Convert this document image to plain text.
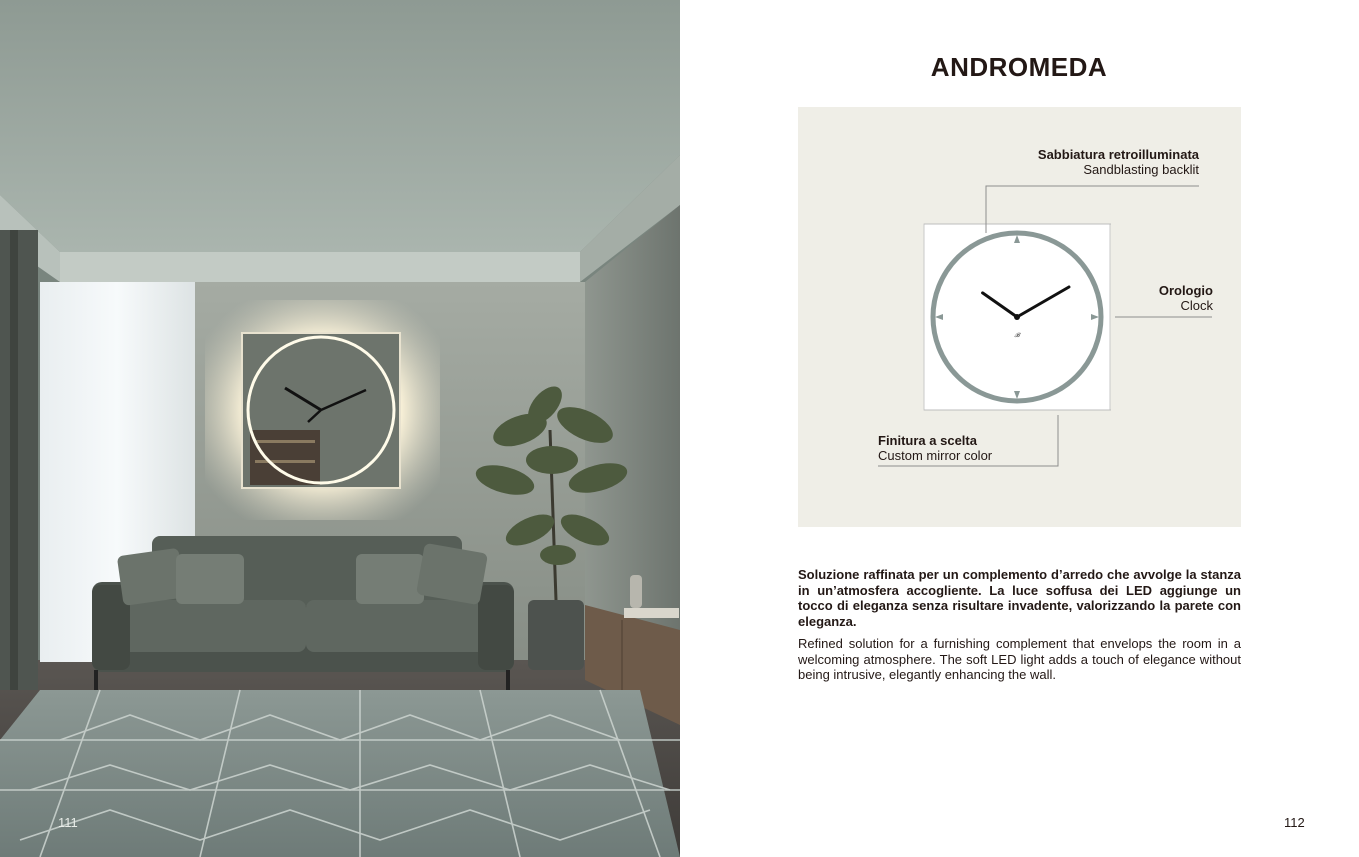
111
ANDROMEDA
𝓑
Sabbiatura retroilluminata
Sandblasting backlit
Orologio
Clock
Finitura a scelta
Custom mirror color

Soluzione raffinata per un complemento d’arredo che avvolge la stanza in un’atmosfera accogliente. La luce soffusa dei LED aggiunge un tocco di eleganza senza risultare invadente, valorizzando la parete con eleganza.

Refined solution for a furnishing complement that envelops the room in a welcoming atmosphere. The soft LED light adds a touch of elegance without being intrusive, elegantly enhancing the wall.

112
